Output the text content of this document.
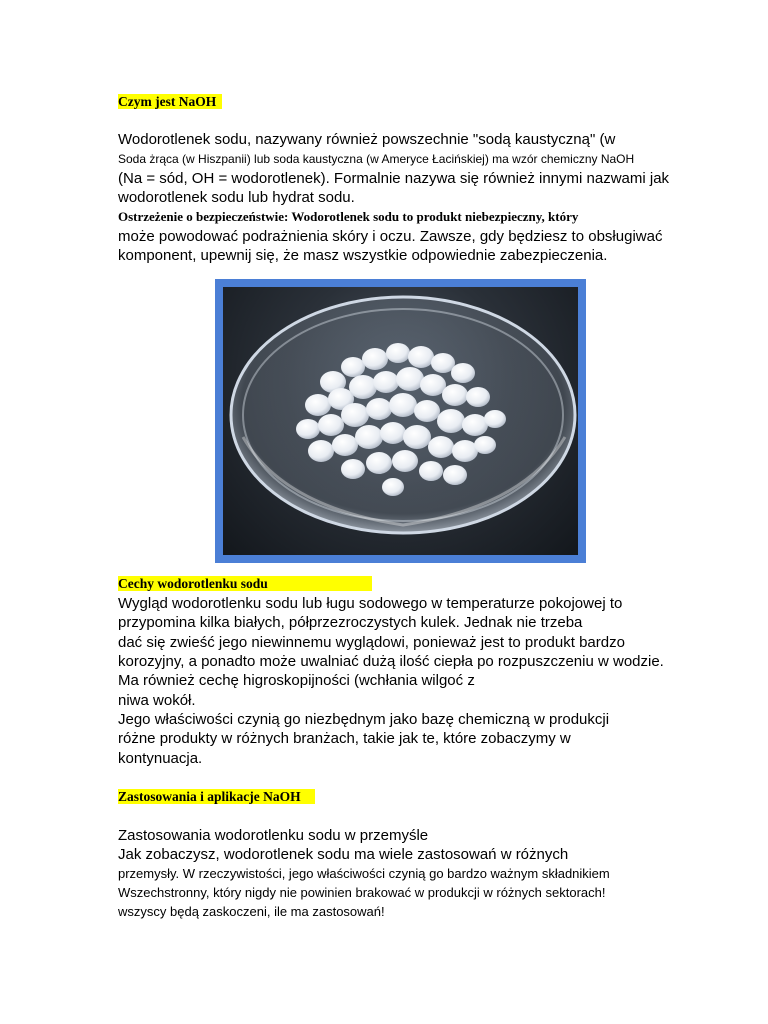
Czym jest NaOH
Wodorotlenek sodu, nazywany również powszechnie "sodą kaustyczną" (w
Soda żrąca (w Hiszpanii) lub soda kaustyczna (w Ameryce Łacińskiej) ma wzór chemiczny NaOH
(Na = sód, OH = wodorotlenek). Formalnie nazywa się również innymi nazwami jak
wodorotlenek sodu lub hydrat sodu.
Ostrzeżenie o bezpieczeństwie: Wodorotlenek sodu to produkt niebezpieczny, który
może powodować podrażnienia skóry i oczu. Zawsze, gdy będziesz to obsługiwać
komponent, upewnij się, że masz wszystkie odpowiednie zabezpieczenia.
Cechy wodorotlenku sodu
Wygląd wodorotlenku sodu lub ługu sodowego w temperaturze pokojowej to
przypomina kilka białych, półprzezroczystych kulek. Jednak nie trzeba
dać się zwieść jego niewinnemu wyglądowi, ponieważ jest to produkt bardzo
korozyjny, a ponadto może uwalniać dużą ilość ciepła po rozpuszczeniu w wodzie.
Ma również cechę higroskopijności (wchłania wilgoć z
niwa wokół.
Jego właściwości czynią go niezbędnym jako bazę chemiczną w produkcji
różne produkty w różnych branżach, takie jak te, które zobaczymy w
kontynuacja.
Zastosowania i aplikacje NaOH
Zastosowania wodorotlenku sodu w przemyśle
Jak zobaczysz, wodorotlenek sodu ma wiele zastosowań w różnych
przemysły. W rzeczywistości, jego właściwości czynią go bardzo ważnym składnikiem
Wszechstronny, który nigdy nie powinien brakować w produkcji w różnych sektorach!
wszyscy będą zaskoczeni, ile ma zastosowań!
